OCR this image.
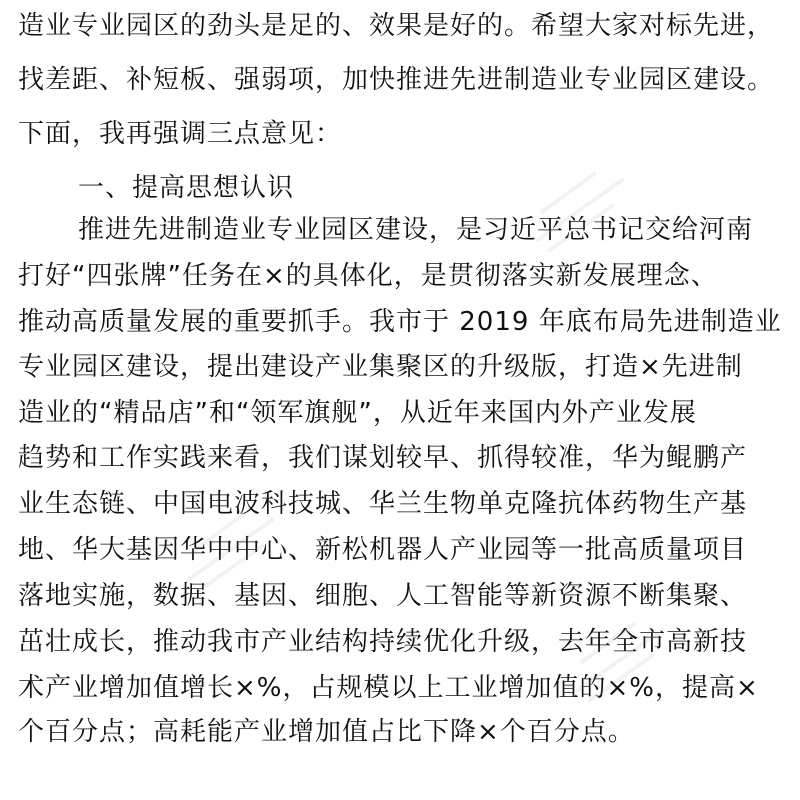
造业专业园区的劲头是足的、效果是好的。希望大家对标先进，
找差距、补短板、强弱项，加快推进先进制造业专业园区建设。
下面，我再强调三点意见：
一、提高思想认识
推进先进制造业专业园区建设，是习近平总书记交给河南
打好“四张牌”任务在×的具体化，是贯彻落实新发展理念、
推动高质量发展的重要抓手。我市于 2019 年底布局先进制造业
专业园区建设，提出建设产业集聚区的升级版，打造×先进制
造业的“精品店”和“领军旗舰”，从近年来国内外产业发展
趋势和工作实践来看，我们谋划较早、抓得较准，华为鲲鹏产
业生态链、中国电波科技城、华兰生物单克隆抗体药物生产基
地、华大基因华中中心、新松机器人产业园等一批高质量项目
落地实施，数据、基因、细胞、人工智能等新资源不断集聚、
茁壮成长，推动我市产业结构持续优化升级，去年全市高新技
术产业增加值增长×%，占规模以上工业增加值的×%，提高×
个百分点；高耗能产业增加值占比下降×个百分点。
